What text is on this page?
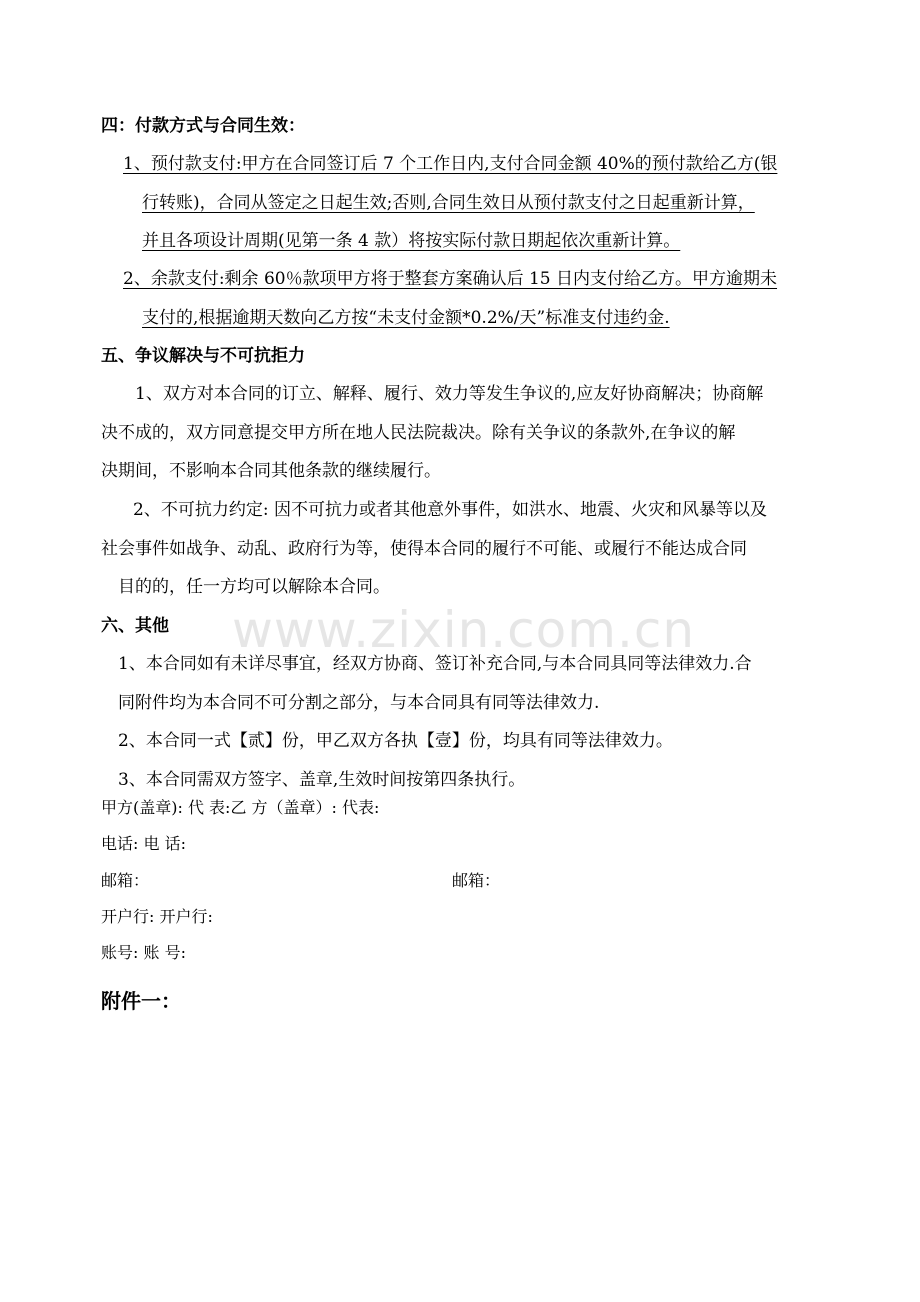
www.zixin.com.cn
四：付款方式与合同生效：
1、预付款支付:甲方在合同签订后 7 个工作日内,支付合同金额 40%的预付款给乙方(银
行转账)，合同从签定之日起生效;否则,合同生效日从预付款支付之日起重新计算，
并且各项设计周期(见第一条 4 款）将按实际付款日期起依次重新计算。
2、余款支付:剩余 60％款项甲方将于整套方案确认后 15 日内支付给乙方。甲方逾期未
支付的,根据逾期天数向乙方按“未支付金额*0.2%/天”标准支付违约金.
五、争议解决与不可抗拒力
1、双方对本合同的订立、解释、履行、效力等发生争议的,应友好协商解决；协商解
决不成的，双方同意提交甲方所在地人民法院裁决。除有关争议的条款外,在争议的解
决期间，不影响本合同其他条款的继续履行。
2、不可抗力约定: 因不可抗力或者其他意外事件，如洪水、地震、火灾和风暴等以及
社会事件如战争、动乱、政府行为等，使得本合同的履行不可能、或履行不能达成合同
目的的，任一方均可以解除本合同。
六、其他
1、本合同如有未详尽事宜，经双方协商、签订补充合同,与本合同具同等法律效力.合
同附件均为本合同不可分割之部分，与本合同具有同等法律效力.
2、本合同一式【贰】份，甲乙双方各执【壹】份，均具有同等法律效力。
3、本合同需双方签字、盖章,生效时间按第四条执行。
甲方(盖章): 代 表:乙 方（盖章）: 代表:
电话: 电 话:
邮箱：	邮箱：
开户行: 开户行:
账号: 账 号:
附件一：
